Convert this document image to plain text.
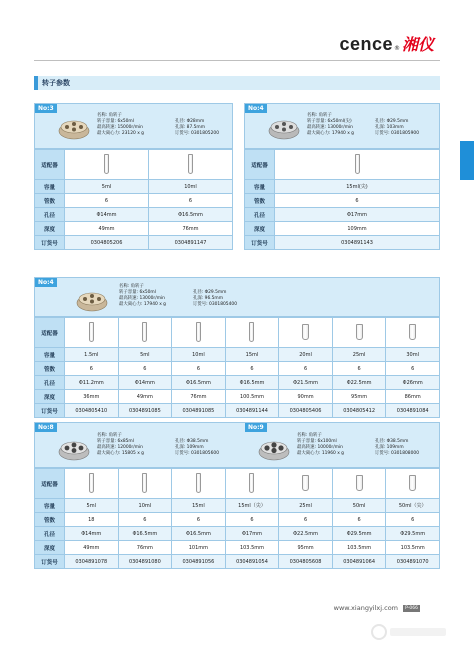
cence ® 湘仪
转子参数
No:3
名称: 角转子
转子容量: 6x50ml
最高转速: 15000r/min
最大离心力: 23120 x g
孔径: Φ28mm
孔深: 87.5mm
订货号: 0301805200
适配器		
容量	5ml	10ml
管数	6	6
孔径	Φ14mm	Φ16.5mm
深度	49mm	76mm
订货号	0304805206	0304891147
No:4
名称: 角转子
转子容量: 6x50ml(尖)
最高转速: 13000r/min
最大离心力: 17940 x g
孔径: Φ29.5mm
孔深: 103mm
订货号: 0301805900
适配器	
容量	15ml(尖)
管数	6
孔径	Φ17mm
深度	109mm
订货号	0304891143
No:4
名称: 角转子
转子容量: 6x50ml
最高转速: 13000r/min
最大离心力: 17940 x g
孔径: Φ29.5mm
孔深: 96.5mm
订货号: 0301805400
适配器							
容量	1.5ml	5ml	10ml	15ml	20ml	25ml	30ml
管数	6	6	6	6	6	6	6
孔径	Φ11.2mm	Φ14mm	Φ16.5mm	Φ16.5mm	Φ21.5mm	Φ22.5mm	Φ26mm
深度	36mm	49mm	76mm	100.5mm	90mm	95mm	86mm
订货号	0304805410	0304891085	0304891085	0304891144	0304805406	0304805412	0304891084
No:8
名称: 角转子
转子容量: 6x85ml
最高转速: 12000r/min
最大离心力: 15805 x g
孔径: Φ38.5mm
孔深: 109mm
订货号: 0301805600
No:9
名称: 角转子
转子容量: 6x100ml
最高转速: 10000r/min
最大离心力: 11960 x g
孔径: Φ38.5mm
孔深: 109mm
订货号: 0301808000
适配器							
容量	5ml	10ml	15ml	15ml（尖）	25ml	50ml	50ml（尖）
管数	18	6	6	6	6	6	6
孔径	Φ14mm	Φ16.5mm	Φ16.5mm	Φ17mm	Φ22.5mm	Φ29.5mm	Φ29.5mm
深度	49mm	76mm	101mm	103.5mm	95mm	103.5mm	103.5mm
订货号	0304891078	0304891080	0304891056	0304891054	0304805608	0304891064	0304891070
www.xiangyilxj.com	P-066
